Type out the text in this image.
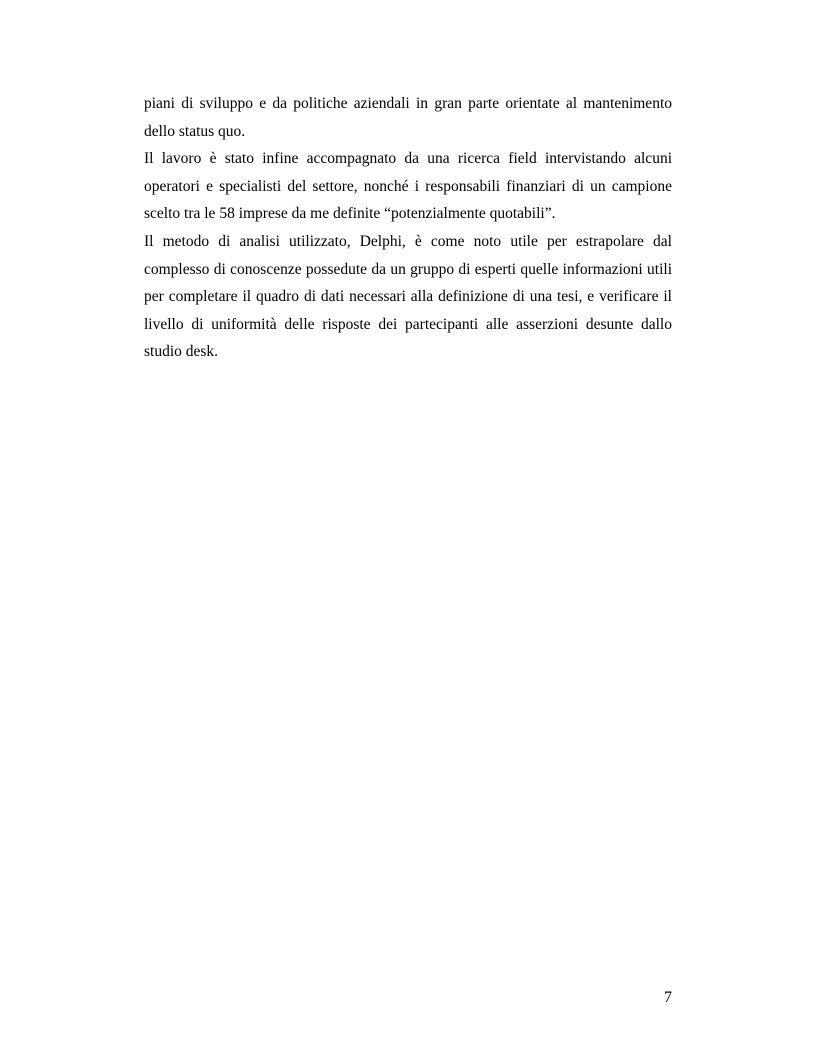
piani di sviluppo e da politiche aziendali in gran parte orientate al mantenimento dello status quo.

Il lavoro è stato infine accompagnato da una ricerca field intervistando alcuni operatori e specialisti del settore, nonché i responsabili finanziari di un campione scelto tra le 58 imprese da me definite “potenzialmente quotabili”.

Il metodo di analisi utilizzato, Delphi, è come noto utile per estrapolare dal complesso di conoscenze possedute da un gruppo di esperti quelle informazioni utili per completare il quadro di dati necessari alla definizione di una tesi, e verificare il livello di uniformità delle risposte dei partecipanti alle asserzioni desunte dallo studio desk.

7
